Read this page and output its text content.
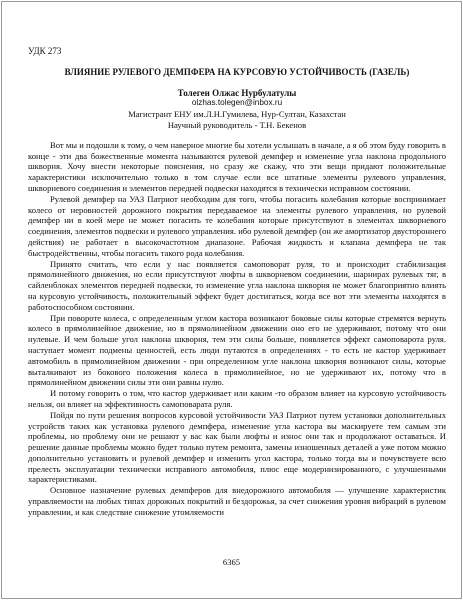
УДК 273
ВЛИЯНИЕ РУЛЕВОГО ДЕМПФЕРА НА КУРСОВУЮ УСТОЙЧИВОСТЬ (ГАЗЕЛЬ)
Толеген Олжас Нурбулатулы
olzhas.tolegen@inbox.ru
Магистрант ЕНУ им.Л.Н.Гумилева, Нур-Султан, Казахстан
Научный руководитель - Т.Н. Бекенов

Вот мы и подошли к тому, о чем наверное многие бы хотели услышать в начале, а я об этом буду говорить в конце - эти два божественные момента называются рулевой демпфер и изменение угла наклона продольного шкворня. Хочу внести некоторые пояснения, но сразу же скажу, что эти вещи придают положительные характеристики исключительно только в том случае если все штатные элементы рулевого управления, шкворневого соединения и элементов передней подвески находятся в технически исправном состоянии.

Рулевой демпфер на УАЗ Патриот необходим для того, чтобы погасить колебания которые воспринимает колесо от неровностей дорожного покрытия передаваемое на элементы рулевого управления, но рулевой демпфер ни в коей мере не может погасить те колебания которые присутствуют в элементах шкворневого соединения, элементов подвески и рулевого управления. ибо рулевой демпфер (он же амортизатор двустороннего действия) не работает в высокочастотном диапазоне. Рабочая жидкость и клапана демпфера не так быстродейственны, чтобы погасить такого рода колебания.

Принято считать, что если у нас появляется самоповорат руля, то и происходит стабилизация прямолинейного движения, но если присутствуют люфты в шкворневом соединении, шарнирах рулевых тяг, в сайленблоках элементов передней подвески, то изменение угла наклона шкворня не может благоприятно влиять на курсовую устойчивость, положительный эффект будет достигаться, когда все вот эти элементы находятся в работоспособном состоянии.

При повороте колеса, с определенным углом кастора возникают боковые силы которые стремятся вернуть колесо в прямолинейное движение, но в прямолинейном движении оно его не удерживают, потому что они нулевые. И чем больше угол наклона шкворня, тем эти силы больше, появляется эффект самоповарота руля. наступает момент подмены ценностей, есть люди путаются в определениях - то есть не кастор удерживает автомобиль в прямолинейном движении - при определенном угле наклона шкворня возникают силы, которые выталкивают из бокового положения колеса в прямолинейное, но не удерживают их, потому что в прямолинейном движении силы эти они равны нулю.

И потому говорить о том, что кастор удерживает или каким -то образом влияет на курсовую устойчивость нельзя, он влияет на эффективность самоповарата руля.

Пойдя по пути решения вопросов курсовой устойчивости УАЗ Патриот путем установки дополнительных устройств таких как установка рулевого демпфера, изменение угла кастора вы маскируете тем самым эти проблемы, но проблему они не решают у вас как были люфты и износ они так и продолжают оставаться. И решение данные проблемы можно будет только путем ремонта, замены изношенных деталей а уже потом можно дополнительно установить и рулевой демпфер и изменить угол кастора, только тогда вы и почувствуете всю прелесть эксплуатации технически исправного автомобиля, плюс еще модернизированного, с улучшенными характеристиками.

Основное назначение рулевых демпферов для внедорожного автомобиля — улучшение характеристик управляемости на любых типах дорожных покрытий и бездорожья, за счет снижения уровня вибраций в рулевом управлении, и как следствие снижение утомляемости

6365
